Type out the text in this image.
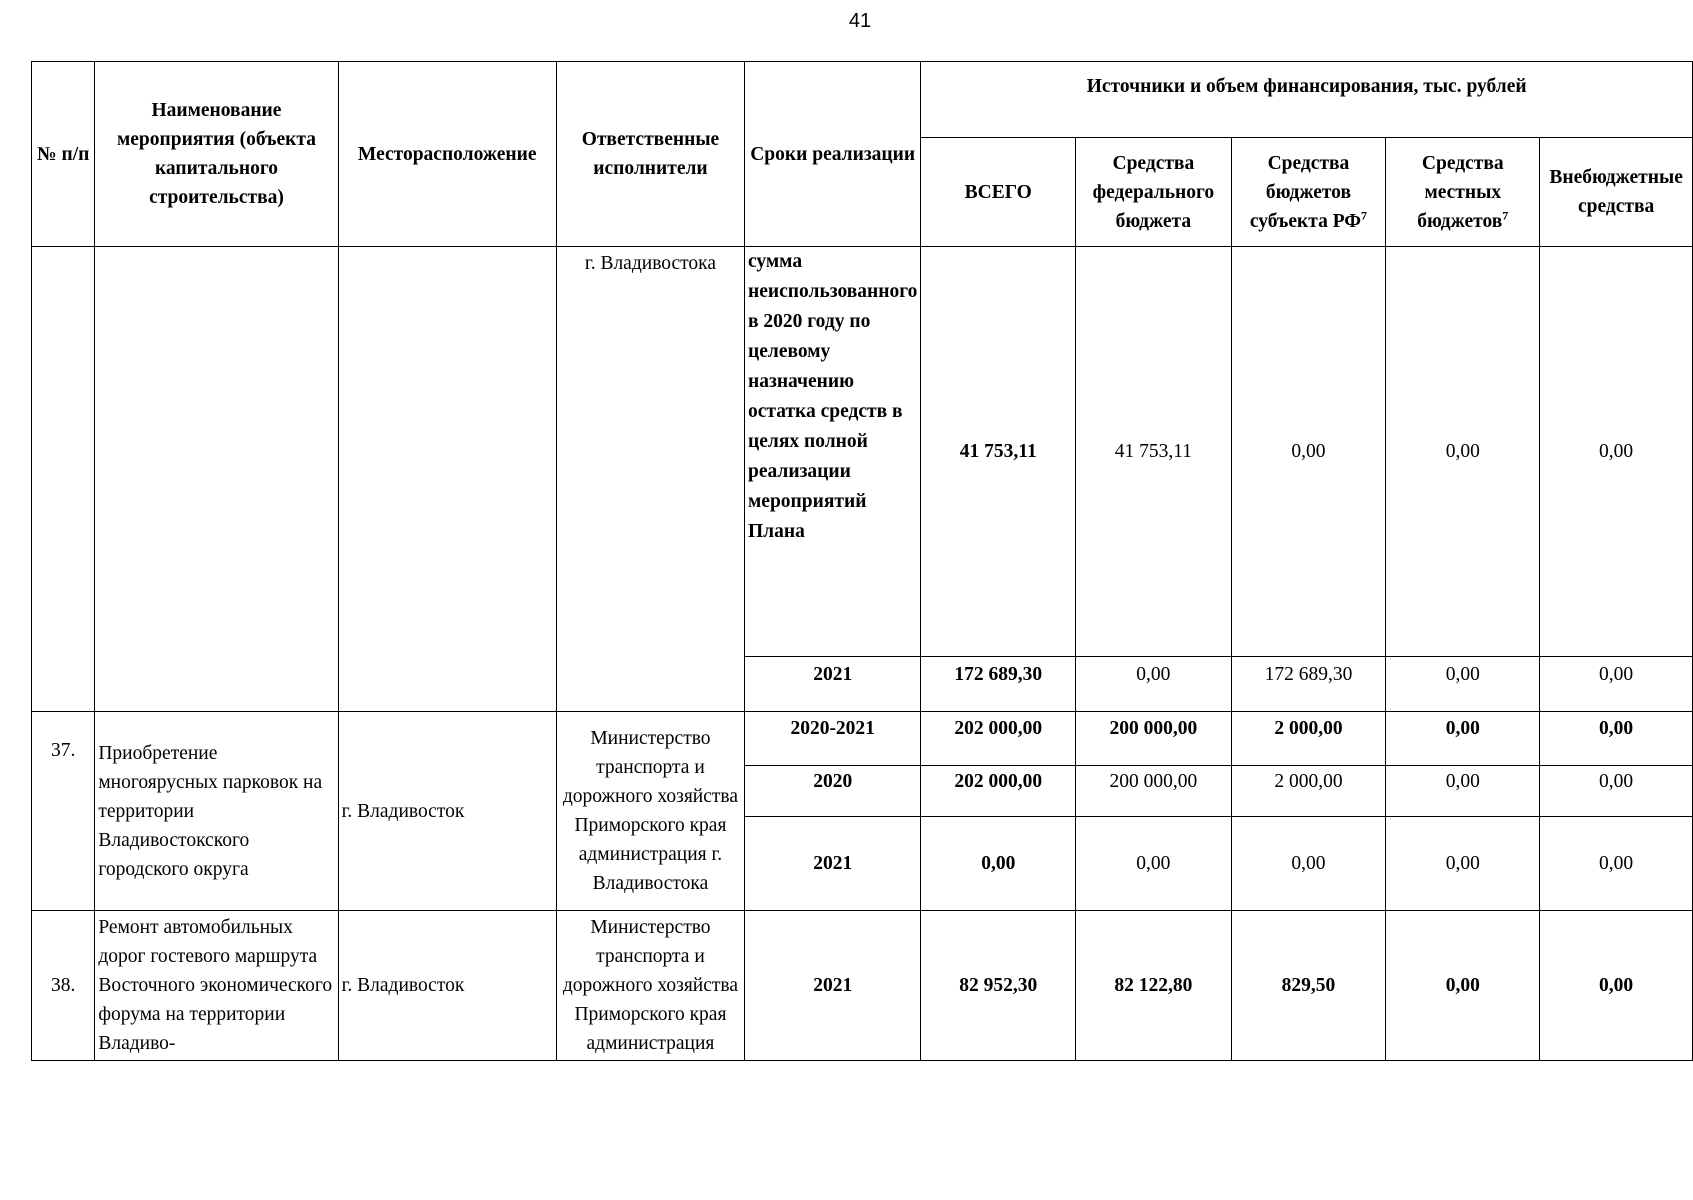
41
№ п/п	Наименование мероприятия (объекта капитального строительства)	Месторасположение	Ответственные исполнители	Сроки реализации	Источники и объем финансирования, тыс. рублей				
					ВСЕГО	Средства федерального бюджета	Средства бюджетов субъекта $РФ^7$	Средства местных бюджетов$^7$	Внебюджетные средства
			г. Владивостока	сумма неиспользованного в 2020 году по целевому назначению остатка средств в целях полной реализации мероприятий Плана	41 753,11	41 753,11	0,00	0,00	0,00
				2021	172 689,30	0,00	172 689,30	0,00	0,00
37.	Приобретение многоярусных парковок на территории Владивостокского городского округа	г. Владивосток	Министерство транспорта и дорожного хозяйства Приморского края администрация г. Владивостока	2020-2021	202 000,00	200 000,00	2 000,00	0,00	0,00
				2020	202 000,00	200 000,00	2 000,00	0,00	0,00
				2021	0,00	0,00	0,00	0,00	0,00
38.	Ремонт автомобильных дорог гостевого маршрута Восточного экономического форума на территории Владиво-	г. Владивосток	Министерство транспорта и дорожного хозяйства Приморского края администрация	2021	82 952,30	82 122,80	829,50	0,00	0,00
